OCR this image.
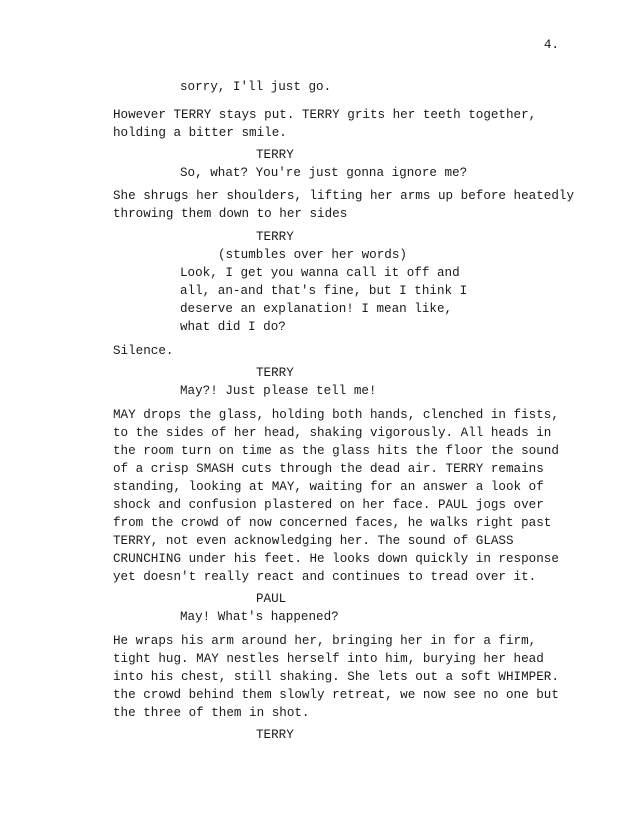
4.
sorry, I'll just go.
However TERRY stays put. TERRY grits her teeth together,
holding a bitter smile.
TERRY
So, what? You're just gonna ignore me?
She shrugs her shoulders, lifting her arms up before heatedly
throwing them down to her sides
TERRY
(stumbles over her words)
Look, I get you wanna call it off and
all, an-and that's fine, but I think I
deserve an explanation! I mean like,
what did I do?
Silence.
TERRY
May?! Just please tell me!
MAY drops the glass, holding both hands, clenched in fists,
to the sides of her head, shaking vigorously. All heads in
the room turn on time as the glass hits the floor the sound
of a crisp SMASH cuts through the dead air. TERRY remains
standing, looking at MAY, waiting for an answer a look of
shock and confusion plastered on her face. PAUL jogs over
from the crowd of now concerned faces, he walks right past
TERRY, not even acknowledging her. The sound of GLASS
CRUNCHING under his feet. He looks down quickly in response
yet doesn't really react and continues to tread over it.
PAUL
May! What's happened?
He wraps his arm around her, bringing her in for a firm,
tight hug. MAY nestles herself into him, burying her head
into his chest, still shaking. She lets out a soft WHIMPER.
the crowd behind them slowly retreat, we now see no one but
the three of them in shot.
TERRY
